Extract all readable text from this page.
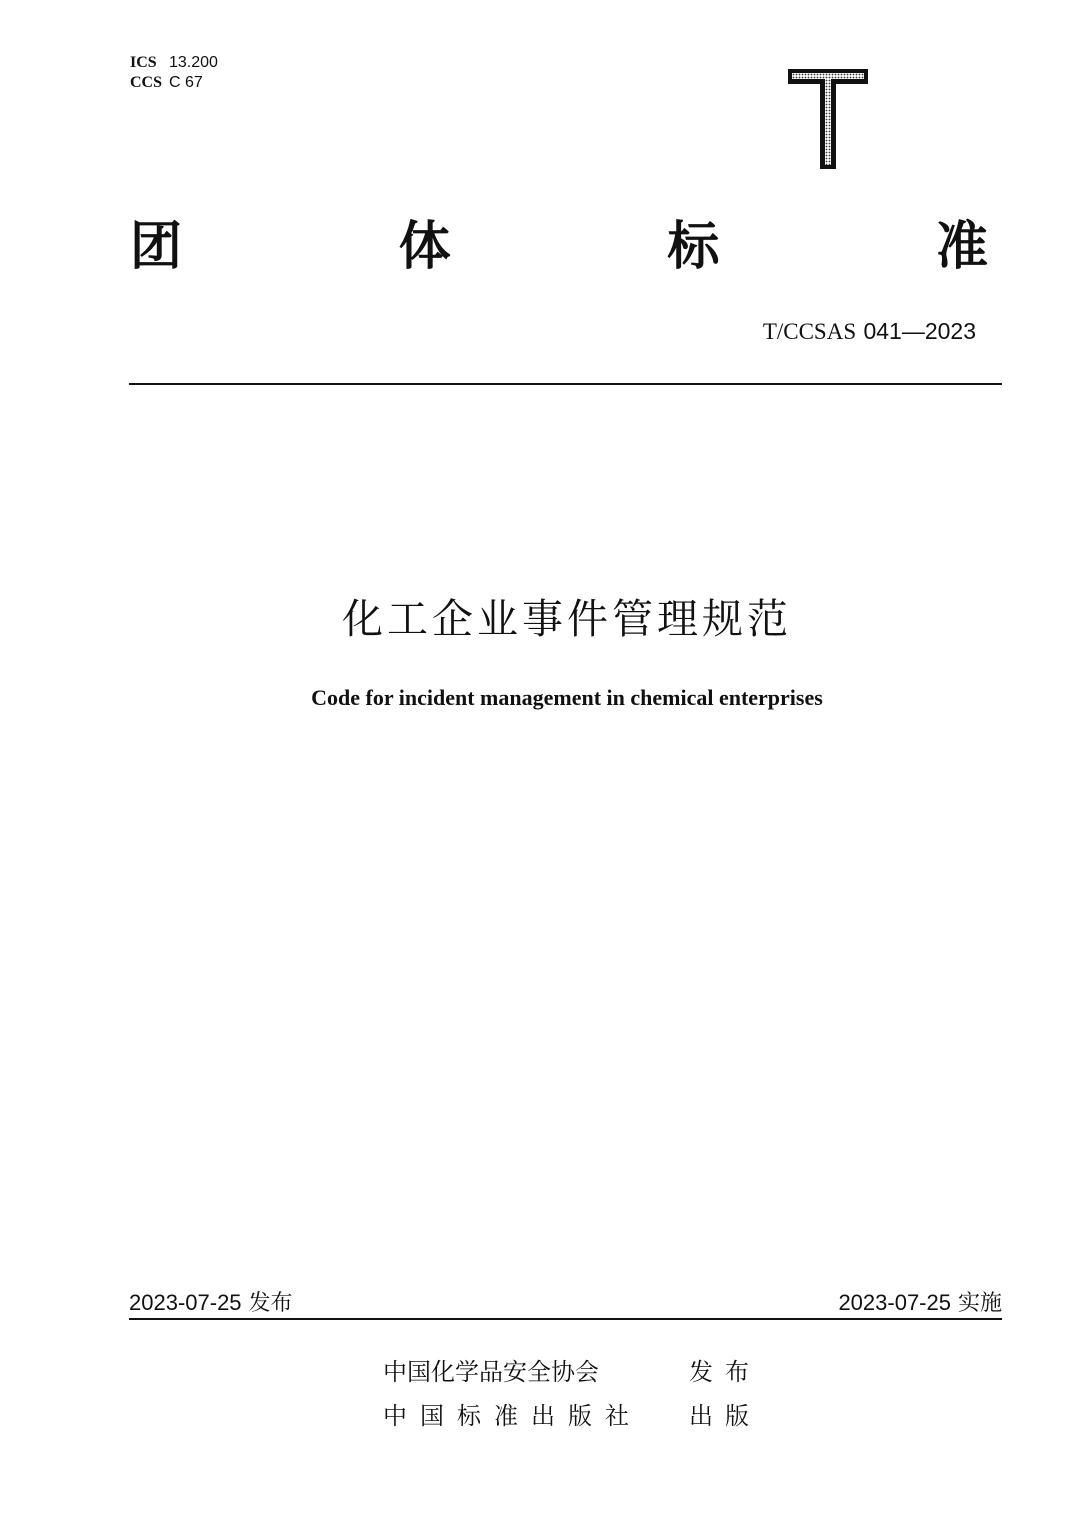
ICS 13.200
CCS C 67
团	体	标	准
T/CCSAS 041—2023
化工企业事件管理规范
Code for incident management in chemical enterprises
2023-07-25 发布	2023-07-25 实施
中国化学品安全协会	发布
中国标准出版社 出版
